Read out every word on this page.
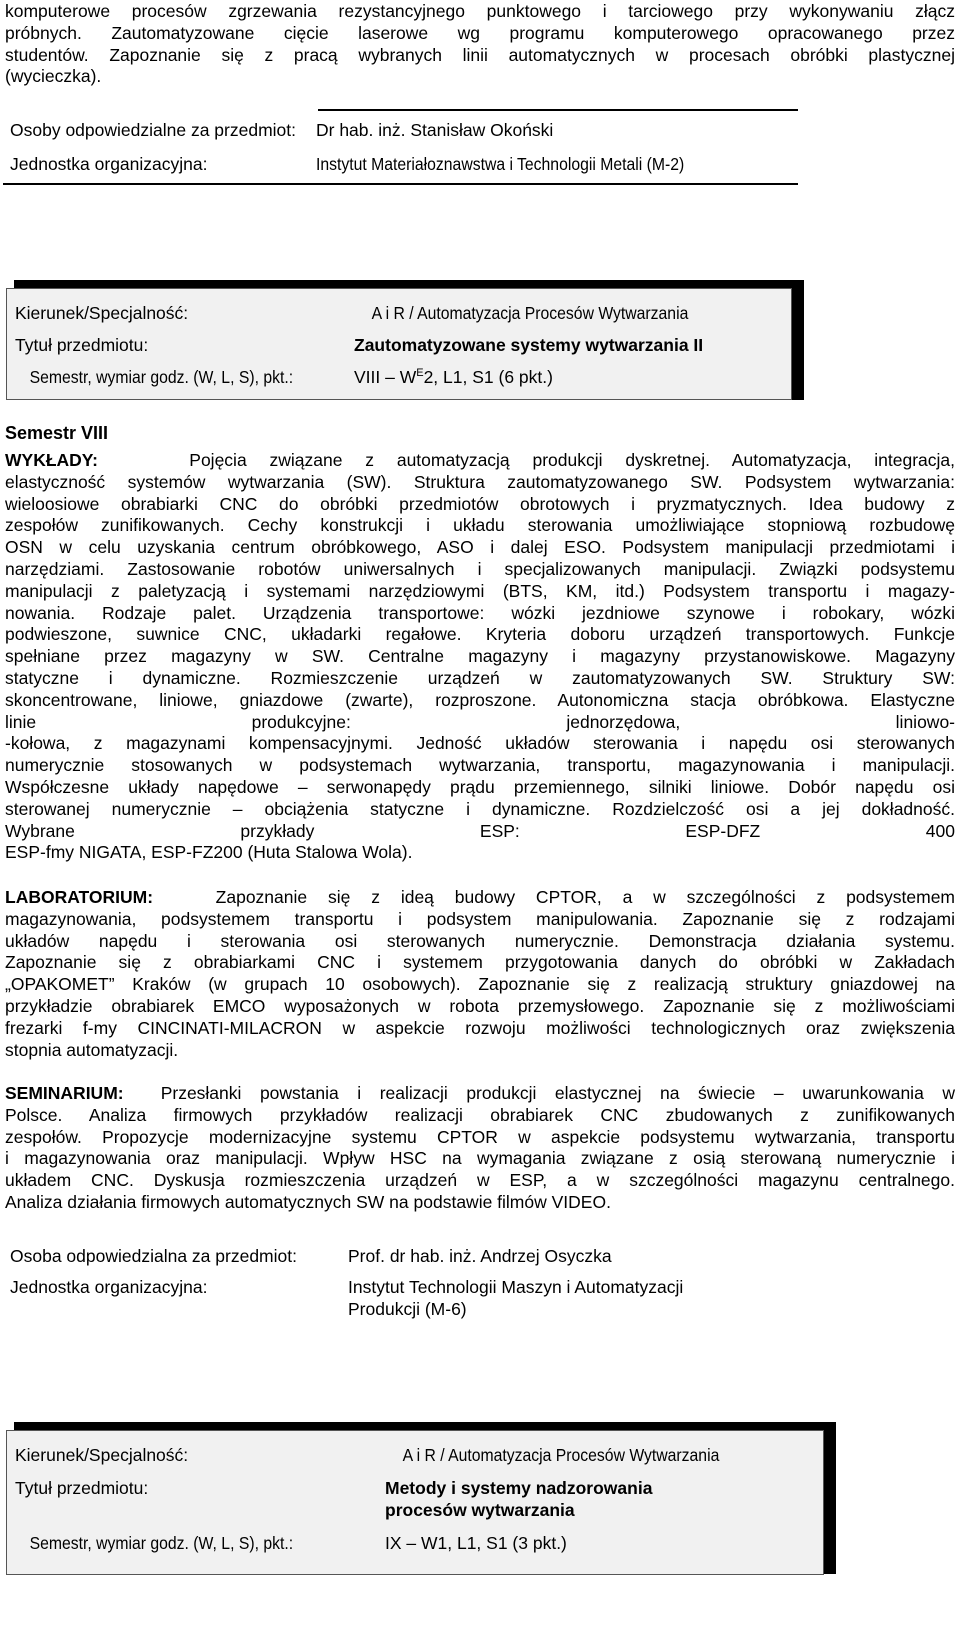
komputerowe procesów zgrzewania rezystancyjnego punktowego i tarciowego przy wykonywaniu złącz
próbnych. Zautomatyzowane cięcie laserowe wg programu komputerowego opracowanego przez
studentów. Zapoznanie się z pracą wybranych linii automatycznych w procesach obróbki plastycznej
(wycieczka).
Osoby odpowiedzialne za przedmiot: Dr hab. inż. Stanisław Okoński
Jednostka organizacyjna:	Instytut Materiałoznawstwa i Technologii Metali (M-2)
Kierunek/Specjalność:	A i R / Automatyzacja Procesów Wytwarzania
Tytuł przedmiotu:	Zautomatyzowane systemy wytwarzania II
Semestr, wymiar godz. (W, L, S), pkt.:	VIII – $W^E2$, L1, S1 (6 pkt.)
Semestr VIII
WYKŁADY:	Pojęcia związane z automatyzacją produkcji dyskretnej. Automatyzacja, integracja,
elastyczność systemów wytwarzania (SW). Struktura zautomatyzowanego SW. Podsystem wytwarzania:
wieloosiowe obrabiarki CNC do obróbki przedmiotów obrotowych i pryzmatycznych. Idea budowy z
zespołów zunifikowanych. Cechy konstrukcji i układu sterowania umożliwiające stopniową rozbudowę
OSN w celu uzyskania centrum obróbkowego, ASO i dalej ESO. Podsystem manipulacji przedmiotami i
narzędziami. Zastosowanie robotów uniwersalnych i specjalizowanych manipulacji. Związki podsystemu
manipulacji z paletyzacją i systemami narzędziowymi (BTS, KM, itd.) Podsystem transportu i magazy-
nowania. Rodzaje palet. Urządzenia transportowe: wózki jezdniowe szynowe i robokary, wózki
podwieszone, suwnice CNC, układarki regałowe. Kryteria doboru urządzeń transportowych. Funkcje
spełniane przez magazyny w SW. Centralne magazyny i magazyny przystanowiskowe. Magazyny
statyczne i dynamiczne. Rozmieszczenie urządzeń w zautomatyzowanych SW. Struktury SW:
skoncentrowane, liniowe, gniazdowe (zwarte), rozproszone. Autonomiczna stacja obróbkowa. Elastyczne
linie produkcyjne: jednorzędowa, liniowo-
-kołowa, z magazynami kompensacyjnymi. Jedność układów sterowania i napędu osi sterowanych
numerycznie stosowanych w podsystemach wytwarzania, transportu, magazynowania i manipulacji.
Współczesne układy napędowe – serwonapędy prądu przemiennego, silniki liniowe. Dobór napędu osi
sterowanej numerycznie – obciążenia statyczne i dynamiczne. Rozdzielczość osi a jej dokładność.
Wybrane przykłady ESP: ESP-DFZ 400
ESP-fmy NIGATA, ESP-FZ200 (Huta Stalowa Wola).
LABORATORIUM:	Zapoznanie się z ideą budowy CPTOR, a w szczególności z podsystemem
magazynowania, podsystemem transportu i podsystem manipulowania. Zapoznanie się z rodzajami
układów napędu i sterowania osi sterowanych numerycznie. Demonstracja działania systemu.
Zapoznanie się z obrabiarkami CNC i systemem przygotowania danych do obróbki w Zakładach
„OPAKOMET” Kraków (w grupach 10 osobowych). Zapoznanie się z realizacją struktury gniazdowej na
przykładzie obrabiarek EMCO wyposażonych w robota przemysłowego. Zapoznanie się z możliwościami
frezarki f-my CINCINATI-MILACRON w aspekcie rozwoju możliwości technologicznych oraz zwiększenia
stopnia automatyzacji.
SEMINARIUM: Przesłanki powstania i realizacji produkcji elastycznej na świecie – uwarunkowania w
Polsce. Analiza firmowych przykładów realizacji obrabiarek CNC zbudowanych z zunifikowanych
zespołów. Propozycje modernizacyjne systemu CPTOR w aspekcie podsystemu wytwarzania, transportu
i magazynowania oraz manipulacji. Wpływ HSC na wymagania związane z osią sterowaną numerycznie i
układem CNC. Dyskusja rozmieszczenia urządzeń w ESP, a w szczególności magazynu centralnego.
Analiza działania firmowych automatycznych SW na podstawie filmów VIDEO.
Osoba odpowiedzialna za przedmiot:	Prof. dr hab. inż. Andrzej Osyczka
Jednostka organizacyjna:	Instytut Technologii Maszyn i Automatyzacji
Produkcji (M-6)
Kierunek/Specjalność:	A i R / Automatyzacja Procesów Wytwarzania
Tytuł przedmiotu:	Metody i systemy nadzorowania
procesów wytwarzania
Semestr, wymiar godz. (W, L, S), pkt.:	IX – W1, L1, S1 (3 pkt.)
